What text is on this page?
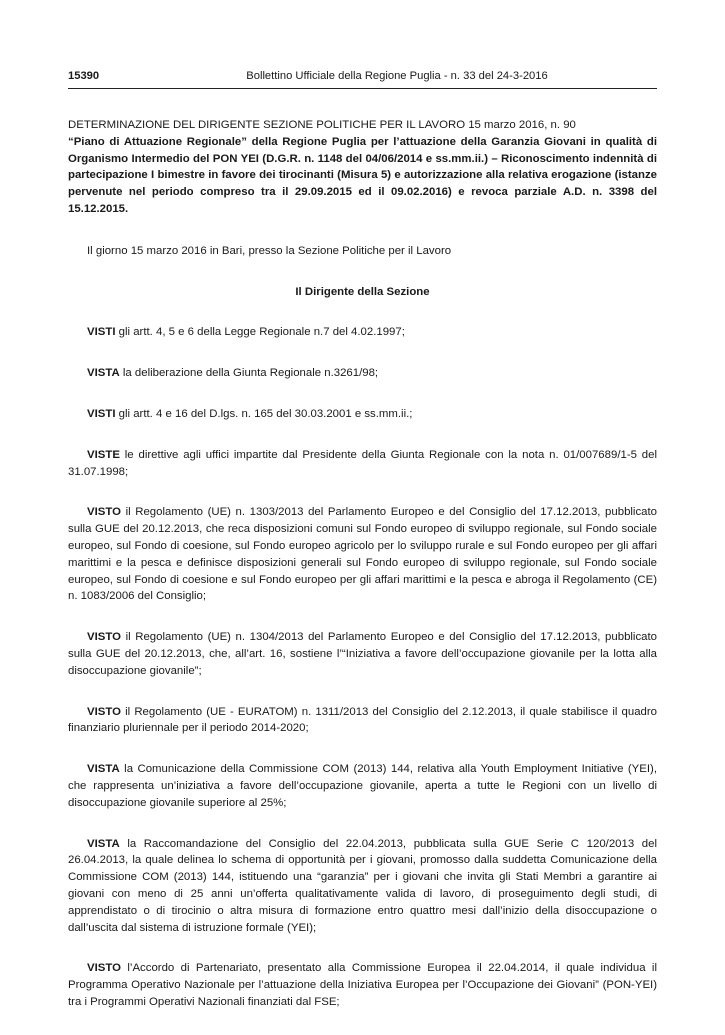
15390	Bollettino Ufficiale della Regione Puglia - n. 33 del 24-3-2016

DETERMINAZIONE DEL DIRIGENTE SEZIONE POLITICHE PER IL LAVORO 15 marzo 2016, n. 90

“Piano di Attuazione Regionale” della Regione Puglia per l’attuazione della Garanzia Giovani in qualità di Organismo Intermedio del PON YEI (D.G.R. n. 1148 del 04/06/2014 e ss.mm.ii.) – Riconoscimento indennità di partecipazione I bimestre in favore dei tirocinanti (Misura 5) e autorizzazione alla relativa erogazione (istanze pervenute nel periodo compreso tra il 29.09.2015 ed il 09.02.2016) e revoca parziale A.D. n. 3398 del 15.12.2015.

Il giorno 15 marzo 2016 in Bari, presso la Sezione Politiche per il Lavoro

Il Dirigente della Sezione

VISTI gli artt. 4, 5 e 6 della Legge Regionale n.7 del 4.02.1997;

VISTA la deliberazione della Giunta Regionale n.3261/98;

VISTI gli artt. 4 e 16 del D.lgs. n. 165 del 30.03.2001 e ss.mm.ii.;

VISTE le direttive agli uffici impartite dal Presidente della Giunta Regionale con la nota n. 01/007689/1-5 del 31.07.1998;

VISTO il Regolamento (UE) n. 1303/2013 del Parlamento Europeo e del Consiglio del 17.12.2013, pubblicato sulla GUE del 20.12.2013, che reca disposizioni comuni sul Fondo europeo di sviluppo regionale, sul Fondo sociale europeo, sul Fondo di coesione, sul Fondo europeo agricolo per lo sviluppo rurale e sul Fondo europeo per gli affari marittimi e la pesca e definisce disposizioni generali sul Fondo europeo di sviluppo regionale, sul Fondo sociale europeo, sul Fondo di coesione e sul Fondo europeo per gli affari marittimi e la pesca e abroga il Regolamento (CE) n. 1083/2006 del Consiglio;

VISTO il Regolamento (UE) n. 1304/2013 del Parlamento Europeo e del Consiglio del 17.12.2013, pubblicato sulla GUE del 20.12.2013, che, all’art. 16, sostiene l’“Iniziativa a favore dell’occupazione giovanile per la lotta alla disoccupazione giovanile”;

VISTO il Regolamento (UE - EURATOM) n. 1311/2013 del Consiglio del 2.12.2013, il quale stabilisce il quadro finanziario pluriennale per il periodo 2014-2020;

VISTA la Comunicazione della Commissione COM (2013) 144, relativa alla Youth Employment Initiative (YEI), che rappresenta un’iniziativa a favore dell’occupazione giovanile, aperta a tutte le Regioni con un livello di disoccupazione giovanile superiore al 25%;

VISTA la Raccomandazione del Consiglio del 22.04.2013, pubblicata sulla GUE Serie C 120/2013 del 26.04.2013, la quale delinea lo schema di opportunità per i giovani, promosso dalla suddetta Comunicazione della Commissione COM (2013) 144, istituendo una “garanzia” per i giovani che invita gli Stati Membri a garantire ai giovani con meno di 25 anni un’offerta qualitativamente valida di lavoro, di proseguimento degli studi, di apprendistato o di tirocinio o altra misura di formazione entro quattro mesi dall’inizio della disoccupazione o dall’uscita dal sistema di istruzione formale (YEI);

VISTO l’Accordo di Partenariato, presentato alla Commissione Europea il 22.04.2014, il quale individua il Programma Operativo Nazionale per l’attuazione della Iniziativa Europea per l’Occupazione dei Giovani” (PON-YEI) tra i Programmi Operativi Nazionali finanziati dal FSE;
